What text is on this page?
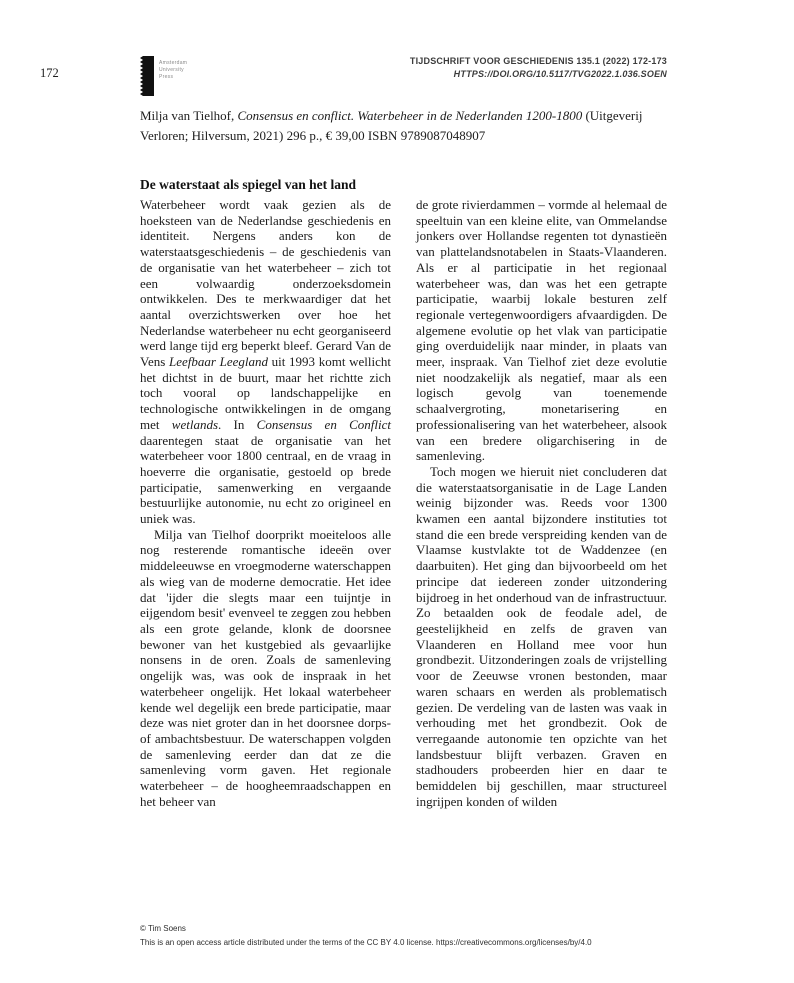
172
Amsterdam
University
Press
TIJDSCHRIFT VOOR GESCHIEDENIS 135.1 (2022) 172-173
HTTPS://DOI.ORG/10.5117/TVG2022.1.036.SOEN
Milja van Tielhof, Consensus en conflict. Waterbeheer in de Nederlanden 1200-1800 (Uitgeverij Verloren; Hilversum, 2021) 296 p., € 39,00 ISBN 9789087048907
De waterstaat als spiegel van het land

Waterbeheer wordt vaak gezien als de hoeksteen van de Nederlandse geschiedenis en identiteit. Nergens anders kon de waterstaatsgeschiedenis – de geschiedenis van de organisatie van het waterbeheer – zich tot een volwaardig onderzoeksdomein ontwikkelen. Des te merkwaardiger dat het aantal overzichtswerken over hoe het Nederlandse waterbeheer nu echt georganiseerd werd lange tijd erg beperkt bleef. Gerard Van de Vens Leefbaar Leegland uit 1993 komt wellicht het dichtst in de buurt, maar het richtte zich toch vooral op landschappelijke en technologische ontwikkelingen in de omgang met wetlands. In Consensus en Conflict daarentegen staat de organisatie van het waterbeheer voor 1800 centraal, en de vraag in hoeverre die organisatie, gestoeld op brede participatie, samenwerking en vergaande bestuurlijke autonomie, nu echt zo origineel en uniek was.

Milja van Tielhof doorprikt moeiteloos alle nog resterende romantische ideeën over middeleeuwse en vroegmoderne waterschappen als wieg van de moderne democratie. Het idee dat 'ijder die slegts maar een tuijntje in eijgendom besit' evenveel te zeggen zou hebben als een grote gelande, klonk de doorsnee bewoner van het kustgebied als gevaarlijke nonsens in de oren. Zoals de samenleving ongelijk was, was ook de inspraak in het waterbeheer ongelijk. Het lokaal waterbeheer kende wel degelijk een brede participatie, maar deze was niet groter dan in het doorsnee dorps- of ambachtsbestuur. De waterschappen volgden de samenleving eerder dan dat ze die samenleving vorm gaven. Het regionale waterbeheer – de hoogheemraadschappen en het beheer van

de grote rivierdammen – vormde al helemaal de speeltuin van een kleine elite, van Ommelandse jonkers over Hollandse regenten tot dynastieën van plattelandsnotabelen in Staats-Vlaanderen. Als er al participatie in het regionaal waterbeheer was, dan was het een getrapte participatie, waarbij lokale besturen zelf regionale vertegenwoordigers afvaardigden. De algemene evolutie op het vlak van participatie ging overduidelijk naar minder, in plaats van meer, inspraak. Van Tielhof ziet deze evolutie niet noodzakelijk als negatief, maar als een logisch gevolg van toenemende schaalvergroting, monetarisering en professionalisering van het waterbeheer, alsook van een bredere oligarchisering in de samenleving.

Toch mogen we hieruit niet concluderen dat die waterstaatsorganisatie in de Lage Landen weinig bijzonder was. Reeds voor 1300 kwamen een aantal bijzondere instituties tot stand die een brede verspreiding kenden van de Vlaamse kustvlakte tot de Waddenzee (en daarbuiten). Het ging dan bijvoorbeeld om het principe dat iedereen zonder uitzondering bijdroeg in het onderhoud van de infrastructuur. Zo betaalden ook de feodale adel, de geestelijkheid en zelfs de graven van Vlaanderen en Holland mee voor hun grondbezit. Uitzonderingen zoals de vrijstelling voor de Zeeuwse vronen bestonden, maar waren schaars en werden als problematisch gezien. De verdeling van de lasten was vaak in verhouding met het grondbezit. Ook de verregaande autonomie ten opzichte van het landsbestuur blijft verbazen. Graven en stadhouders probeerden hier en daar te bemiddelen bij geschillen, maar structureel ingrijpen konden of wilden

© Tim Soens
This is an open access article distributed under the terms of the CC BY 4.0 license. https://creativecommons.org/licenses/by/4.0
